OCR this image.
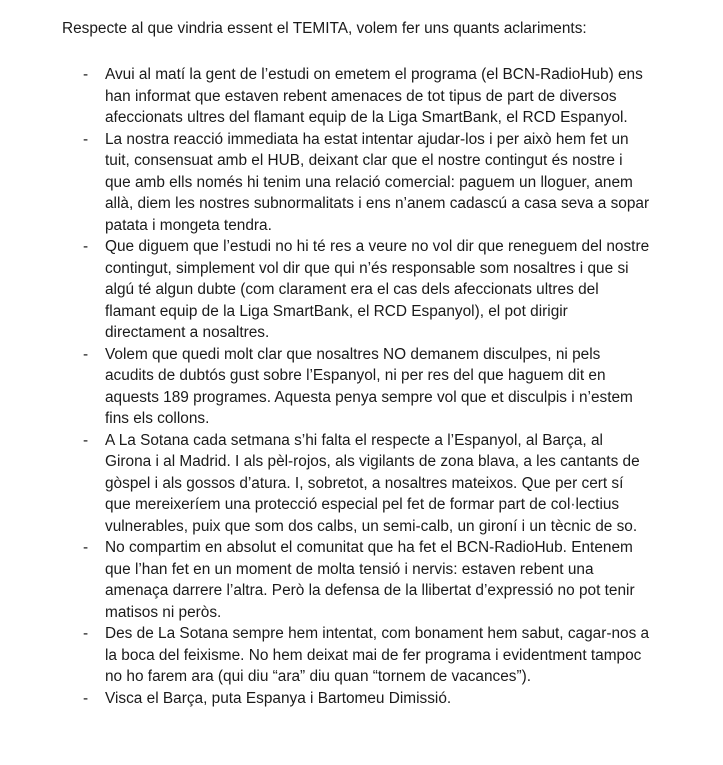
Respecte al que vindria essent el TEMITA, volem fer uns quants aclariments:

- Avui al matí la gent de l’estudi on emetem el programa (el BCN-RadioHub) ens han informat que estaven rebent amenaces de tot tipus de part de diversos afeccionats ultres del flamant equip de la Liga SmartBank, el RCD Espanyol.
- La nostra reacció immediata ha estat intentar ajudar-los i per això hem fet un tuit, consensuat amb el HUB, deixant clar que el nostre contingut és nostre i que amb ells només hi tenim una relació comercial: paguem un lloguer, anem allà, diem les nostres subnormalitats i ens n’anem cadascú a casa seva a sopar patata i mongeta tendra.
- Que diguem que l’estudi no hi té res a veure no vol dir que reneguem del nostre contingut, simplement vol dir que qui n’és responsable som nosaltres i que si algú té algun dubte (com clarament era el cas dels afeccionats ultres del flamant equip de la Liga SmartBank, el RCD Espanyol), el pot dirigir directament a nosaltres.
- Volem que quedi molt clar que nosaltres NO demanem disculpes, ni pels acudits de dubtós gust sobre l’Espanyol, ni per res del que haguem dit en aquests 189 programes. Aquesta penya sempre vol que et disculpis i n’estem fins els collons.
- A La Sotana cada setmana s’hi falta el respecte a l’Espanyol, al Barça, al Girona i al Madrid. I als pèl-rojos, als vigilants de zona blava, a les cantants de gòspel i als gossos d’atura. I, sobretot, a nosaltres mateixos. Que per cert sí que mereixeríem una protecció especial pel fet de formar part de col·lectius vulnerables, puix que som dos calbs, un semi-calb, un gironí i un tècnic de so.
- No compartim en absolut el comunitat que ha fet el BCN-RadioHub. Entenem que l’han fet en un moment de molta tensió i nervis: estaven rebent una amenaça darrere l’altra. Però la defensa de la llibertat d’expressió no pot tenir matisos ni peròs.
- Des de La Sotana sempre hem intentat, com bonament hem sabut, cagar-nos a la boca del feixisme. No hem deixat mai de fer programa i evidentment tampoc no ho farem ara (qui diu “ara” diu quan “tornem de vacances”).
- Visca el Barça, puta Espanya i Bartomeu Dimissió.
